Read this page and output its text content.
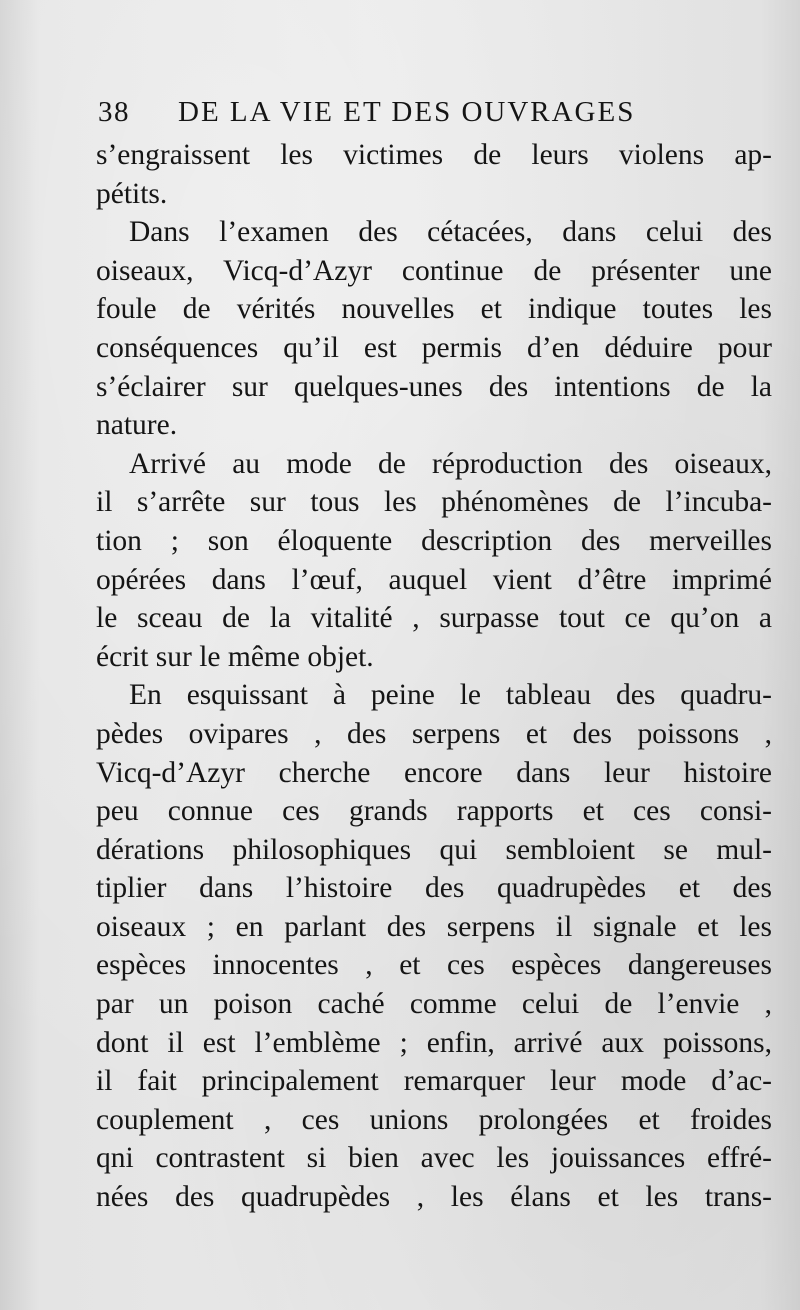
38 DE LA VIE ET DES OUVRAGES
s’engraissent les victimes de leurs violens ap-
pétits.
Dans l’examen des cétacées, dans celui des
oiseaux, Vicq-d’Azyr continue de présenter une
foule de vérités nouvelles et indique toutes les
conséquences qu’il est permis d’en déduire pour
s’éclairer sur quelques-unes des intentions de la
nature.
Arrivé au mode de réproduction des oiseaux,
il s’arrête sur tous les phénomènes de l’incuba-
tion ; son éloquente description des merveilles
opérées dans l’œuf, auquel vient d’être imprimé
le sceau de la vitalité , surpasse tout ce qu’on a
écrit sur le même objet.
En esquissant à peine le tableau des quadru-
pèdes ovipares , des serpens et des poissons ,
Vicq-d’Azyr cherche encore dans leur histoire
peu connue ces grands rapports et ces consi-
dérations philosophiques qui sembloient se mul-
tiplier dans l’histoire des quadrupèdes et des
oiseaux ; en parlant des serpens il signale et les
espèces innocentes , et ces espèces dangereuses
par un poison caché comme celui de l’envie ,
dont il est l’emblème ; enfin, arrivé aux poissons,
il fait principalement remarquer leur mode d’ac-
couplement , ces unions prolongées et froides
qni contrastent si bien avec les jouissances effré-
nées des quadrupèdes , les élans et les trans-
